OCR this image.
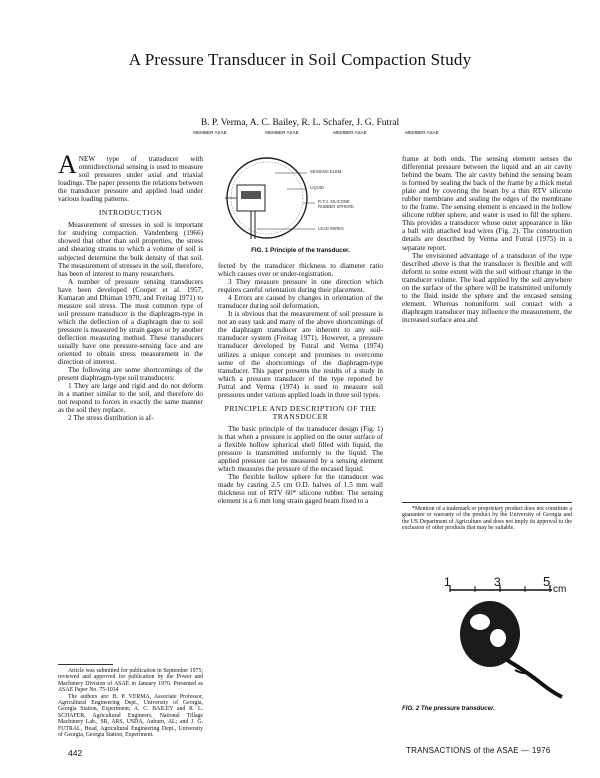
A Pressure Transducer in Soil Compaction Study
B. P. Verma, A. C. Bailey, R. L. Schafer, J. G. Futral
MEMBER ASAE	MEMBER ASAE	MEMBER ASAE	MEMBER ASAE

ANEW type of transducer with omnidirectional sensing is used to measure soil pressures under axial and triaxial loadings. The paper presents the relations between the transducer pressure and applied load under various loading patterns.

INTRODUCTION

Measurement of stresses in soil is important for studying compaction. Vandenberg (1966) showed that other than soil properties, the stress and shearing strains to which a volume of soil is subjected determine the bulk density of that soil. The measurement of stresses in the soil, therefore, has been of interest to many researchers.

A number of pressure sensing transducers have been developed (Cooper et al. 1957, Kumaran and Dhiman 1970, and Freitag 1971) to measure soil stress. The most common type of soil pressure transducer is the diaphragm-type in which the deflection of a diaphragm due to soil pressure is measured by strain gages or by another deflection measuring method. These transducers usually have one pressure-sensing face and are oriented to obtain stress measurement in the direction of interest.

The following are some shortcomings of the present diaphragm-type soil transducers:

1 They are large and rigid and do not deform in a manner similar to the soil, and therefore do not respond to forces in exactly the same manner as the soil they replace.

2 The stress distribution is af-

Article was submitted for publication in September 1975; reviewed and approved for publication by the Power and Machinery Division of ASAE in January 1976. Presented as ASAE Paper No. 75-1034

The authors are: B. P. VERMA, Associate Professor, Agricultural Engineering Dept., University of Georgia, Georgia Station, Experiment; A. C. BAILEY and R. L. SCHAFER, Agricultural Engineers, National Tillage Machinery Lab., SR, ARS, USDA, Auburn, AL; and J. G. FUTRAL, Head, Agricultural Engineering Dept., University of Georgia, Georgia Station, Experiment.

SENSING ELEM.
LIQUID
R.T.V. SILICONE RUBBER SPHERE
LEAD WIRES
FIG. 1 Principle of the transducer.

fected by the transducer thickness to diameter ratio which causes over or under-registration.

3 They measure pressure in one direction which requires careful orientation during their placement.

4 Errors are caused by changes in orientation of the transducer during soil deformation.

It is obvious that the measurement of soil pressure is not an easy task and many of the above shortcomings of the diaphragm transducer are inherent to any soil-transducer system (Freitag 1971). However, a pressure transducer developed by Futral and Verma (1974) utilizes a unique concept and promises to overcome some of the shortcomings of the diaphragm-type transducer. This paper presents the results of a study in which a pressure transducer of the type reported by Futral and Verma (1974) is used to measure soil pressures under various applied loads in three soil types.

PRINCIPLE AND DESCRIPTION OF THE TRANSDUCER

The basic principle of the transducer design (Fig. 1) is that when a pressure is applied on the outer surface of a flexible hollow spherical shell filled with liquid, the pressure is transmitted uniformly to the liquid. The applied pressure can be measured by a sensing element which measures the pressure of the encased liquid.

The flexible hollow sphere for the transducer was made by casting 2.5 cm O.D. halves of 1.5 mm wall thickness out of RTV 60* silicone rubber. The sensing element is a 6 mm long strain gaged beam fixed to a

frame at both ends. The sensing element senses the differential pressure between the liquid and an air cavity behind the beam. The air cavity behind the sensing beam is formed by sealing the back of the frame by a thick metal plate and by covering the beam by a thin RTV silicone rubber membrane and sealing the edges of the membrane to the frame. The sensing element is encased in the hollow silicone rubber sphere, and water is used to fill the sphere. This provides a transducer whose outer appearance is like a ball with attached lead wires (Fig. 2). The construction details are described by Verma and Futral (1975) in a separate report.

The envisioned advantage of a transducer of the type described above is that the transducer is flexible and will deform to some extent with the soil without change in the transducer volume. The load applied by the soil anywhere on the surface of the sphere will be transmitted uniformly to the fluid inside the sphere and the encased sensing element. Whereas nonuniform soil contact with a diaphragm transducer may influence the measurement, the increased surface area and

*Mention of a trademark or proprietary product does not constitute a guarantee or warranty of the product by the University of Georgia and the US Department of Agriculture and does not imply its approval to the exclusion of other products that may be suitable.

1	3	5
cm
FIG. 2 The pressure transducer.
442	TRANSACTIONS of the ASAE — 1976
